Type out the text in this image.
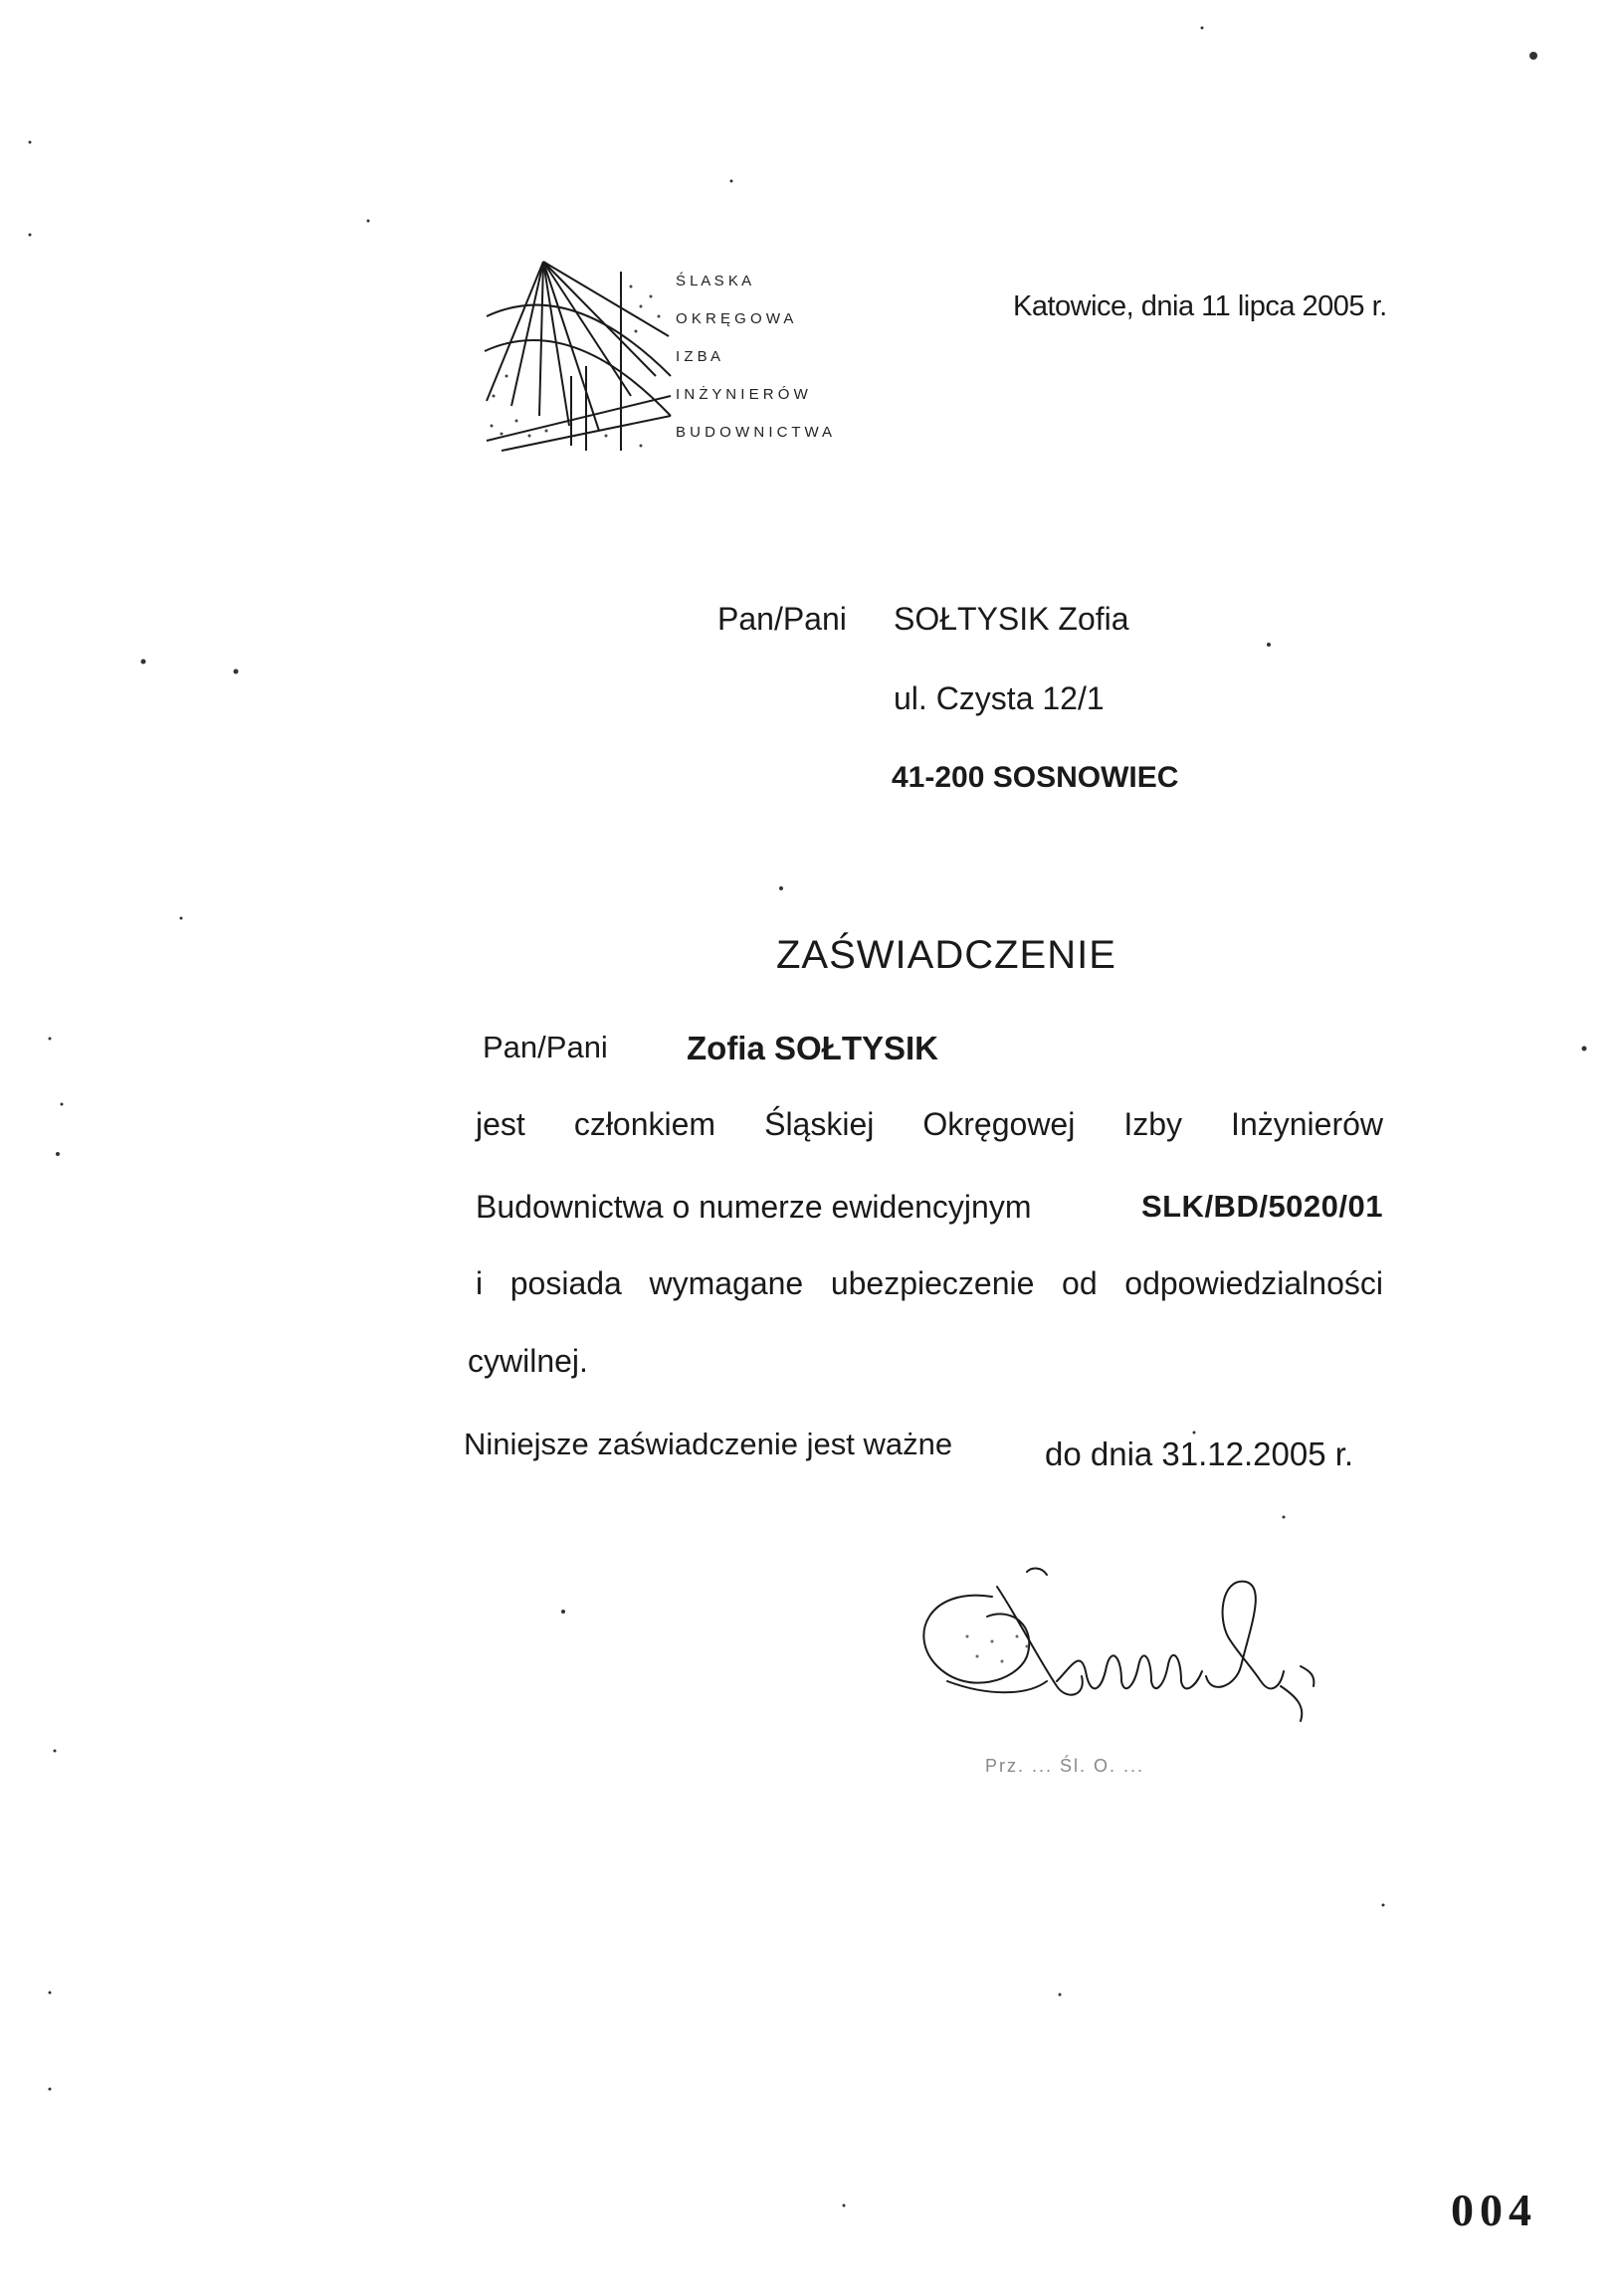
Ś L A S K A
O K R Ę G O W A
I Z B A
I N Ż Y N I E R Ó W
B U D O W N I C T W A
Katowice, dnia 11 lipca 2005 r.
Pan/Pani SOŁTYSIK Zofia
ul. Czysta 12/1
41-200 SOSNOWIEC
ZAŚWIADCZENIE
Pan/Pani Zofia SOŁTYSIK
jest członkiem Śląskiej Okręgowej Izby Inżynierów
Budownictwa o numerze ewidencyjnym	SLK/BD/5020/01
i posiada wymagane ubezpieczenie od odpowiedzialności
cywilnej.
Niniejsze zaświadczenie jest ważne	do dnia 31.12.2005 r.
Prz. ... Śl. O. ...
004
